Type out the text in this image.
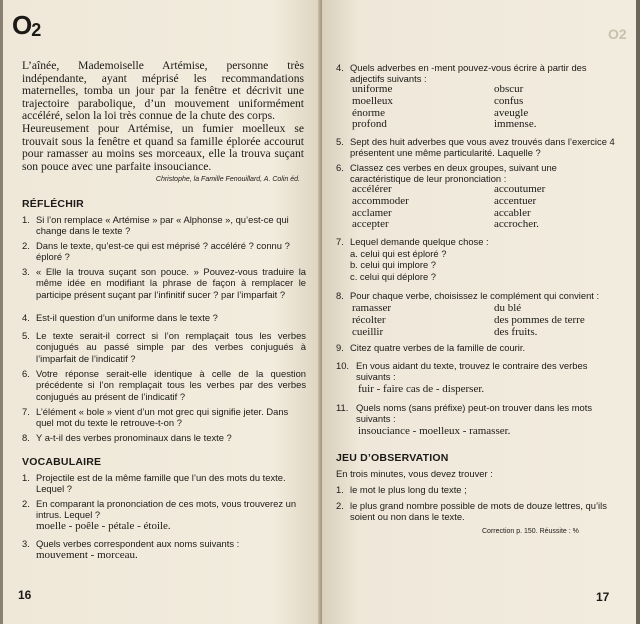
$O_2$

L’aînée, Mademoiselle Artémise, personne très indépendante, ayant méprisé les recommandations maternelles, tomba un jour par la fenêtre et décrivit une trajectoire parabolique, d’un mouvement uniformément accéléré, selon la loi très connue de la chute des corps.

Heureusement pour Artémise, un fumier moelleux se trouvait sous la fenêtre et quand sa famille éplorée accourut pour ramasser au moins ses morceaux, elle la trouva suçant son pouce avec une parfaite insouciance.

Christophe, la Famille Fenouillard, A. Colin éd.
RÉFLÉCHIR
1. Si l’on remplace « Artémise » par « Alphonse », qu’est-ce qui change dans le texte ?
2. Dans le texte, qu’est-ce qui est méprisé ? accéléré ? connu ? éploré ?
3. « Elle la trouva suçant son pouce. » Pouvez-vous traduire la même idée en modifiant la phrase de façon à remplacer le participe présent suçant par l’infinitif sucer ? par l’imparfait ?
4. Est-il question d’un uniforme dans le texte ?
5. Le texte serait-il correct si l’on remplaçait tous les verbes conjugués au passé simple par des verbes conjugués à l’imparfait de l’indicatif ?
6. Votre réponse serait-elle identique à celle de la question précédente si l’on remplaçait tous les verbes par des verbes conjugués au présent de l’indicatif ?
7. L’élément « bole » vient d’un mot grec qui signifie jeter. Dans quel mot du texte le retrouve-t-on ?
8. Y a-t-il des verbes pronominaux dans le texte ?
VOCABULAIRE
1. Projectile est de la même famille que l’un des mots du texte. Lequel ?
2. En comparant la prononciation de ces mots, vous trouverez un intrus. Lequel ?
moelle - poêle - pétale - étoile.
3. Quels verbes correspondent aux noms suivants :
mouvement - morceau.
16
O2
4. Quels adverbes en -ment pouvez-vous écrire à partir des adjectifs suivants :
uniforme
moelleux
énorme
profond
obscur
confus
aveugle
immense.
5. Sept des huit adverbes que vous avez trouvés dans l’exercice 4 présentent une même particularité. Laquelle ?
6. Classez ces verbes en deux groupes, suivant une caractéristique de leur prononciation :
accélérer
accommoder
acclamer
accepter
accoutumer
accentuer
accabler
accrocher.
7. Lequel demande quelque chose :
a. celui qui est éploré ?
b. celui qui implore ?
c. celui qui déplore ?
8. Pour chaque verbe, choisissez le complément qui convient :
ramasser
récolter
cueillir
du blé
des pommes de terre
des fruits.
9. Citez quatre verbes de la famille de courir.
10. En vous aidant du texte, trouvez le contraire des verbes suivants :
fuir - faire cas de - disperser.
11. Quels noms (sans préfixe) peut-on trouver dans les mots suivants :
insouciance - moelleux - ramasser.
JEU D’OBSERVATION
En trois minutes, vous devez trouver :
1. le mot le plus long du texte ;
2. le plus grand nombre possible de mots de douze lettres, qu’ils soient ou non dans le texte.
Correction p. 150. Réussite : %
17
